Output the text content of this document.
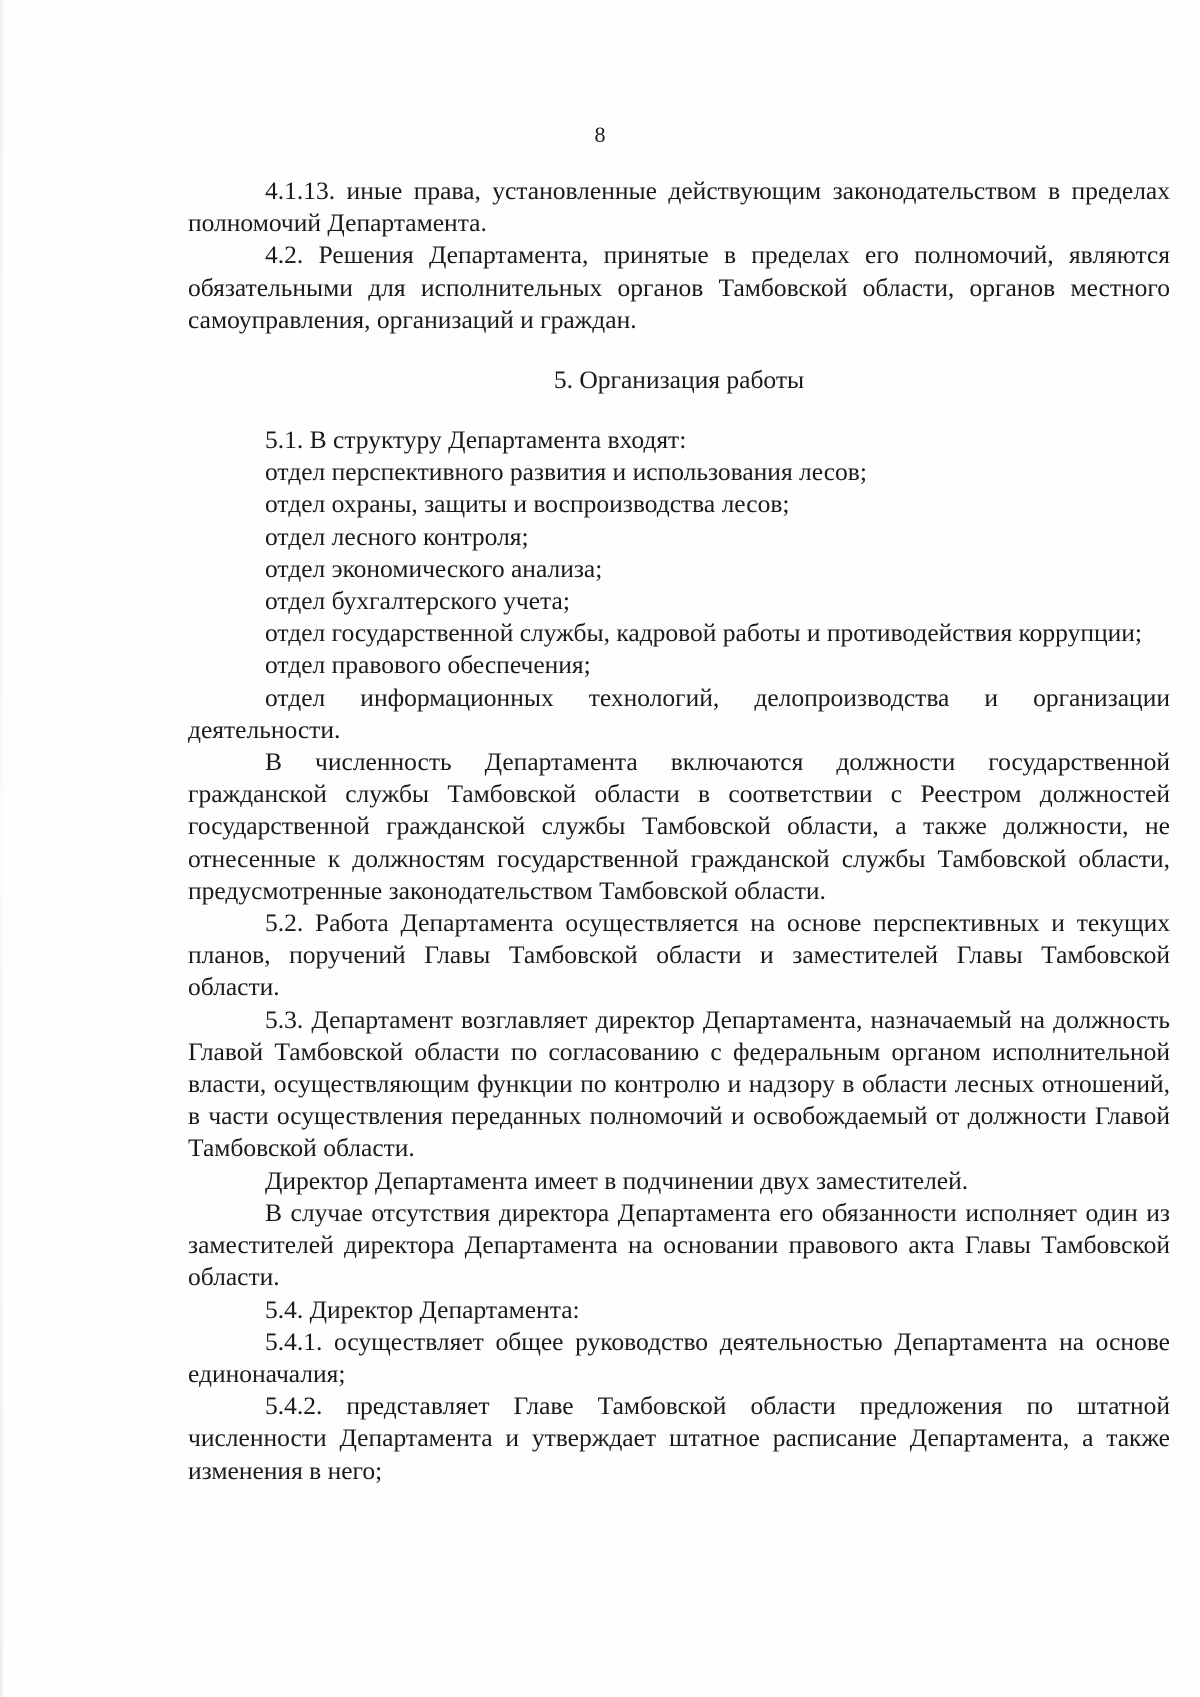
8

4.1.13. иные права, установленные действующим законодательством в пределах полномочий Департамента.

4.2. Решения Департамента, принятые в пределах его полномочий, являются обязательными для исполнительных органов Тамбовской области, органов местного самоуправления, организаций и граждан.

5. Организация работы

5.1. В структуру Департамента входят:

отдел перспективного развития и использования лесов;

отдел охраны, защиты и воспроизводства лесов;

отдел лесного контроля;

отдел экономического анализа;

отдел бухгалтерского учета;

отдел государственной службы, кадровой работы и противодействия коррупции;

отдел правового обеспечения;

отдел информационных технологий, делопроизводства и организации деятельности.

В численность Департамента включаются должности государственной гражданской службы Тамбовской области в соответствии с Реестром должностей государственной гражданской службы Тамбовской области, а также должности, не отнесенные к должностям государственной гражданской службы Тамбовской области, предусмотренные законодательством Тамбовской области.

5.2. Работа Департамента осуществляется на основе перспективных и текущих планов, поручений Главы Тамбовской области и заместителей Главы Тамбовской области.

5.3. Департамент возглавляет директор Департамента, назначаемый на должность Главой Тамбовской области по согласованию с федеральным органом исполнительной власти, осуществляющим функции по контролю и надзору в области лесных отношений, в части осуществления переданных полномочий и освобождаемый от должности Главой Тамбовской области.

Директор Департамента имеет в подчинении двух заместителей.

В случае отсутствия директора Департамента его обязанности исполняет один из заместителей директора Департамента на основании правового акта Главы Тамбовской области.

5.4. Директор Департамента:

5.4.1. осуществляет общее руководство деятельностью Департамента на основе единоначалия;

5.4.2. представляет Главе Тамбовской области предложения по штатной численности Департамента и утверждает штатное расписание Департамента, а также изменения в него;
